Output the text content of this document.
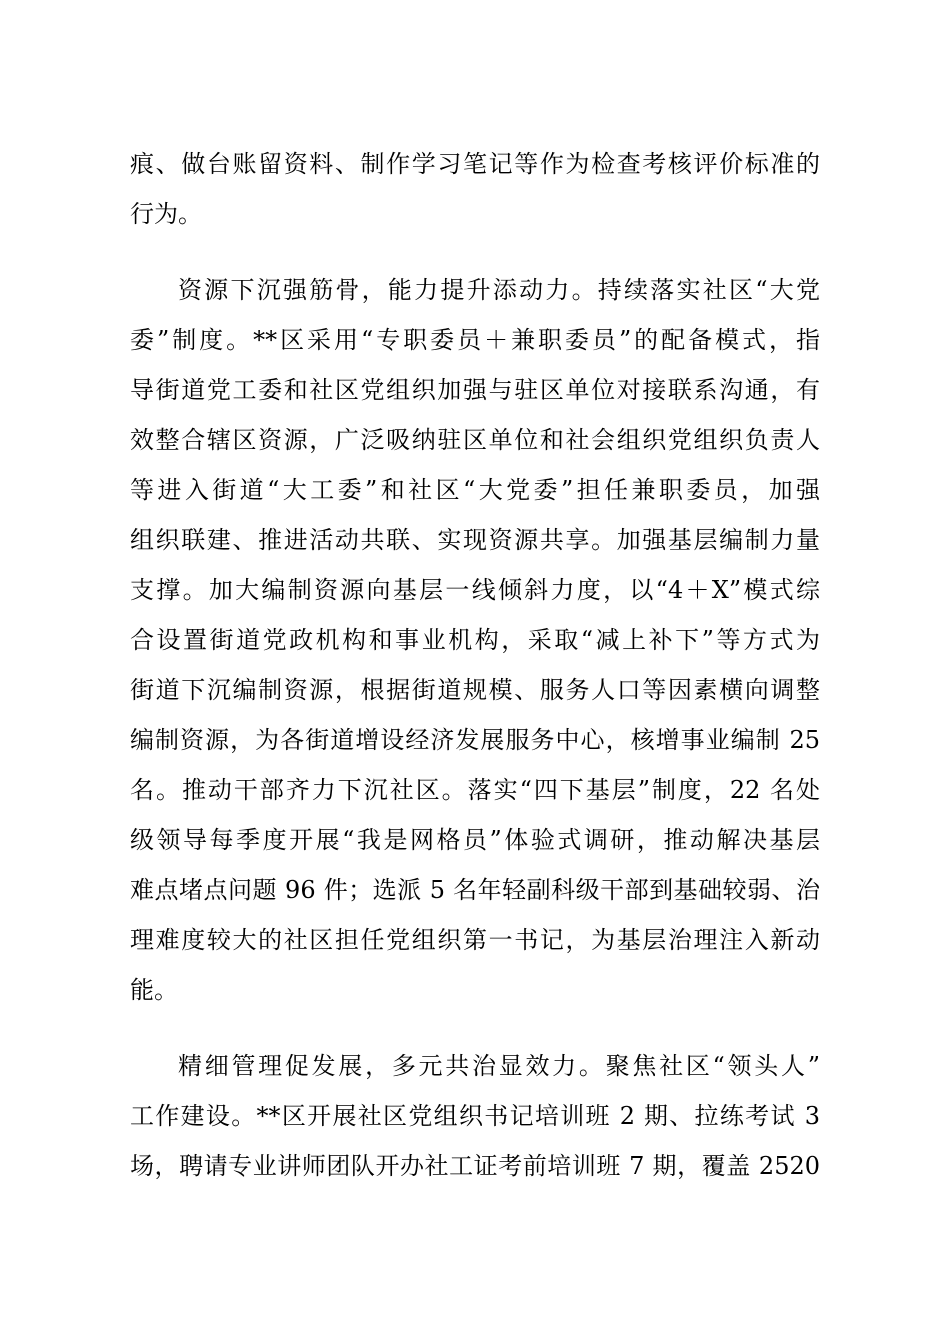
痕、做台账留资料、制作学习笔记等作为检查考核评价标准的
行为。
资源下沉强筋骨，能力提升添动力。持续落实社区“大党
委”制度。**区采用“专职委员＋兼职委员”的配备模式，指
导街道党工委和社区党组织加强与驻区单位对接联系沟通，有
效整合辖区资源，广泛吸纳驻区单位和社会组织党组织负责人
等进入街道“大工委”和社区“大党委”担任兼职委员，加强
组织联建、推进活动共联、实现资源共享。加强基层编制力量
支撑。加大编制资源向基层一线倾斜力度，以“4＋X”模式综
合设置街道党政机构和事业机构，采取“减上补下”等方式为
街道下沉编制资源，根据街道规模、服务人口等因素横向调整
编制资源，为各街道增设经济发展服务中心，核增事业编制 25
名。推动干部齐力下沉社区。落实“四下基层”制度，22 名处
级领导每季度开展“我是网格员”体验式调研，推动解决基层
难点堵点问题 96 件；选派 5 名年轻副科级干部到基础较弱、治
理难度较大的社区担任党组织第一书记，为基层治理注入新动
能。
精细管理促发展，多元共治显效力。聚焦社区“领头人”
工作建设。**区开展社区党组织书记培训班 2 期、拉练考试 3
场，聘请专业讲师团队开办社工证考前培训班 7 期，覆盖 2520
